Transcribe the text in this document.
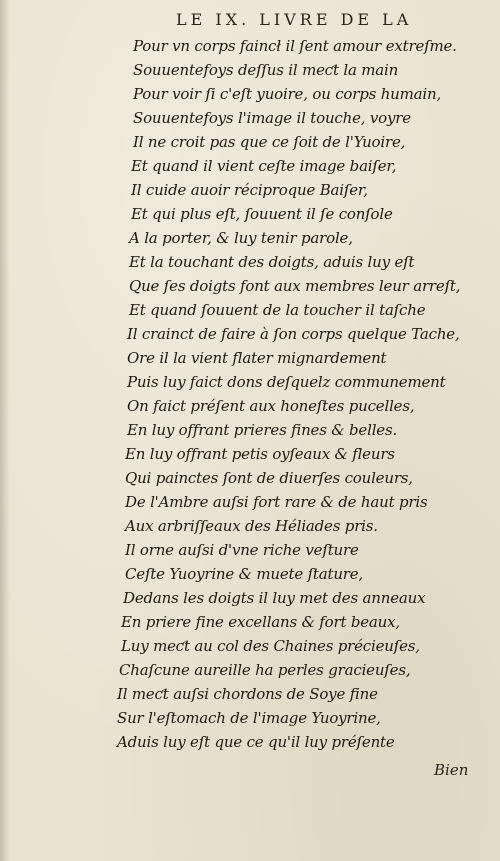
LE IX. LIVRE DE LA
Pour vn corps faincł il ſent amour extreſme.
Souuentefoys deſſus il meƈt la main
Pour voir ſi c'eſt yuoire, ou corps humain,
Souuentefoys l'image il touche, voyre
Il ne croit pas que ce ſoit de l'Yuoire,
Et quand il vient ceſte image baiſer,
Il cuide auoir réciproque Baiſer,
Et qui plus eſt, ſouuent il ſe conſole
A la porter, & luy tenir parole,
Et la touchant des doigts, aduis luy eſt
Que ſes doigts font aux membres leur arreſt,
Et quand ſouuent de la toucher il taſche
Il crainct de faire à ſon corps quelque Tache,
Ore il la vient flater mignardement
Puis luy faict dons deſquelz communement
On faict préſent aux honeſtes pucelles,
En luy offrant prieres fines & belles.
En luy offrant petis oyſeaux & fleurs
Qui painctes ſont de diuerſes couleurs,
De l'Ambre auſsi fort rare & de haut pris
Aux arbriſſeaux des Héliades pris.
Il orne auſsi d'vne riche veſture
Ceſte Yuoyrine & muete ſtature,
Dedans les doigts il luy met des anneaux
En priere fine excellans & fort beaux,
Luy meƈt au col des Chaines précieuſes,
Chaſcune aureille ha perles gracieuſes,
Il meƈt auſsi chordons de Soye fine
Sur l'eſtomach de l'image Yuoyrine,
Aduis luy eſt que ce qu'il luy préſente
Bien
